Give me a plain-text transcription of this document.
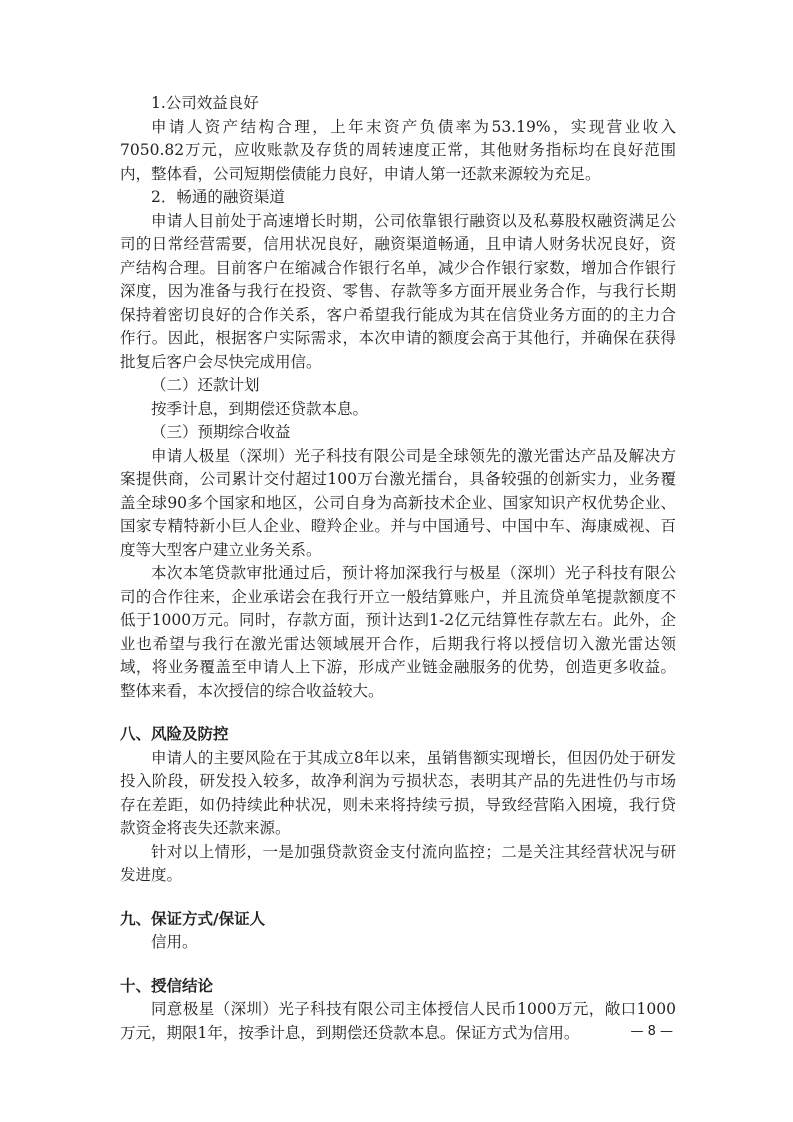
1.公司效益良好

申请人资产结构合理，上年末资产负债率为53.19%，实现营业收入7050.82万元，应收账款及存货的周转速度正常，其他财务指标均在良好范围内，整体看，公司短期偿债能力良好，申请人第一还款来源较为充足。

2．畅通的融资渠道

申请人目前处于高速增长时期，公司依靠银行融资以及私募股权融资满足公司的日常经营需要，信用状况良好，融资渠道畅通，且申请人财务状况良好，资产结构合理。目前客户在缩减合作银行名单，减少合作银行家数，增加合作银行深度，因为准备与我行在投资、零售、存款等多方面开展业务合作，与我行长期保持着密切良好的合作关系，客户希望我行能成为其在信贷业务方面的的主力合作行。因此，根据客户实际需求，本次申请的额度会高于其他行，并确保在获得批复后客户会尽快完成用信。

（二）还款计划

按季计息，到期偿还贷款本息。

（三）预期综合收益

申请人极星（深圳）光子科技有限公司是全球领先的激光雷达产品及解决方案提供商，公司累计交付超过100万台激光擂台，具备较强的创新实力，业务覆盖全球90多个国家和地区，公司自身为高新技术企业、国家知识产权优势企业、国家专精特新小巨人企业、瞪羚企业。并与中国通号、中国中车、海康威视、百度等大型客户建立业务关系。

本次本笔贷款审批通过后，预计将加深我行与极星（深圳）光子科技有限公司的合作往来，企业承诺会在我行开立一般结算账户，并且流贷单笔提款额度不低于1000万元。同时，存款方面，预计达到1-2亿元结算性存款左右。此外，企业也希望与我行在激光雷达领域展开合作，后期我行将以授信切入激光雷达领域，将业务覆盖至申请人上下游，形成产业链金融服务的优势，创造更多收益。整体来看，本次授信的综合收益较大。

八、风险及防控

申请人的主要风险在于其成立8年以来，虽销售额实现增长，但因仍处于研发投入阶段，研发投入较多，故净利润为亏损状态，表明其产品的先进性仍与市场存在差距，如仍持续此种状况，则未来将持续亏损，导致经营陷入困境，我行贷款资金将丧失还款来源。

针对以上情形，一是加强贷款资金支付流向监控；二是关注其经营状况与研发进度。

九、保证方式/保证人

信用。

十、授信结论

同意极星（深圳）光子科技有限公司主体授信人民币1000万元，敞口1000万元，期限1年，按季计息，到期偿还贷款本息。保证方式为信用。	— 8 —
